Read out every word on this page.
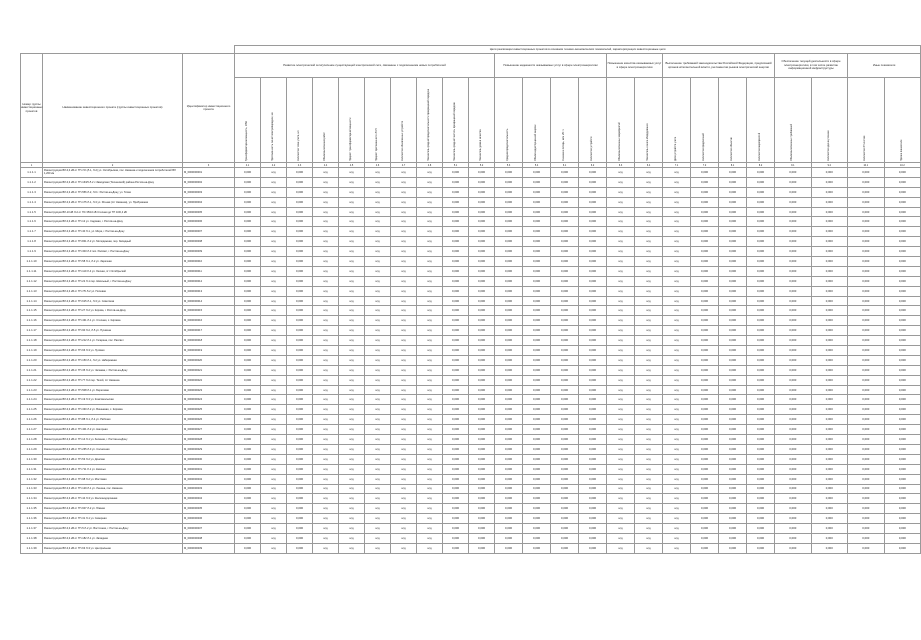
			Цели реализации инвестиционных проектов в основном технико-экономических показателей, характеризующих инвестиционные цели																							
Номер группы инвестиционных проектов	Наименование инвестиционного проекта (группы инвестиционных проектов)	Идентификатор инвестиционного проекта	Развитие электрической сети/усиление существующей электрической сети, связанное с подключением новых потребителей										Повышение надежности оказываемых услуг в сфере электроэнергетики				Повышение качества оказываемых услуг в сфере электроэнергетики		Выполнение требований законодательства Российской Федерации, предписаний органов исполнительной власти, регламентов рынков электрической энергии				Обеспечение текущей деятельности в сфере электроэнергетики, в том числе развитие информационной инфраструктуры		Иные показатели	

			Трансформаторная мощность, МВА	Протяженность линий электропередачи, км	Количество точек учета, шт.	Объём выполнения работ	Прирост трансформаторной мощности	Прирост протяженности ЛЭП	Количество обновленных устройств	Показатель средней продолжительности прекращений передачи	Показатель средней частоты прекращений передачи	Показатель уровня качества	Средняя продолжительность	Объём недоотпущенной энергии	Снижение потерь, млн кВт·ч	Количество устройств	Объём выполненных мероприятий	Показатель износа оборудования	Доля устройств учета	Количество предписаний	Количество объектов	Количество мероприятий	Объём выполненных требований	Количество единиц техники	Количество ИТ-систем	Прочие показатели

1	2	3	4.1	4.2	4.3	4.4	4.5	4.6	4.7	4.8	5.1	5.2	5.3	5.4	6.1	6.2	6.3	6.4	7.1	7.2	8.1	8.2	9.1	9.2	10.1	10.2
1.1.1.1	Реконструкция ВЛ-0,4 кВ от ТП-7/2 (Л-1, Л-2) ул. Октябрьская, пос. Каменка и подключения потребителей ВЛ 1,200 км	M_0000000001	0,000	н/д	0,000	н/д	н/д	н/д	н/д	н/д	0,000	0,000	0,000	0,000	0,000	0,000	н/д	н/д	н/д	0,000	0,000	0,000	0,000	0,000	0,000	0,000
1.1.1.2	Реконструкция ВЛ-0,4 кВ от ТП-16/25 Л-2 с Заводская (Тосненский) района Ростов-на-Дону	M_0000000002	0,000	н/д	0,000	н/д	н/д	н/д	н/д	н/д	0,000	0,000	0,000	0,000	0,000	0,000	н/д	н/д	н/д	0,000	0,000	0,000	0,000	0,000	0,000	0,000
1.1.1.3	Реконструкция ВЛ-0,4 кВ от ТП-556 Л-2, Л-6 г. Ростов-на-Дону, ул. Тихая	M_0000000003	0,000	н/д	0,000	н/д	н/д	н/д	н/д	н/д	0,000	0,000	0,000	0,000	0,000	0,000	н/д	н/д	н/д	0,000	0,000	0,000	0,000	0,000	0,000	0,000
1.1.1.4	Реконструкция ВЛ-0,4 кВ от ТП-175 Л-1, Л-3 ул. Речная (пгт Каменка), ул. Прибрежная	M_0000000004	0,000	н/д	0,000	н/д	н/д	н/д	н/д	н/д	0,000	0,000	0,000	0,000	0,000	0,000	н/д	н/д	н/д	0,000	0,000	0,000	0,000	0,000	0,000	0,000
1.1.1.5	Реконструкция ВЛ-10 кВ Л-2 от ПС 35/10 кВ Степная до ТП 10/0,4 кВ	M_0000000005	0,000	н/д	0,000	н/д	н/д	н/д	н/д	н/д	0,000	0,000	0,000	0,000	0,000	0,000	н/д	н/д	н/д	0,000	0,000	0,000	0,000	0,000	0,000	0,000
1.1.1.6	Реконструкция ВЛ-0,4 кВ от ТП-12 ул. Садовая, г. Ростов-на-Дону	M_0000000006	0,000	н/д	0,000	н/д	н/д	н/д	н/д	н/д	0,000	0,000	0,000	0,000	0,000	0,000	н/д	н/д	н/д	0,000	0,000	0,000	0,000	0,000	0,000	0,000
1.1.1.7	Реконструкция ВЛ-0,4 кВ от ТП-40 Л-1, ул. Мира, г. Ростов-на-Дону	M_0000000007	0,000	н/д	0,000	н/д	н/д	н/д	н/д	н/д	0,000	0,000	0,000	0,000	0,000	0,000	н/д	н/д	н/д	0,000	0,000	0,000	0,000	0,000	0,000	0,000
1.1.1.8	Реконструкция ВЛ-0,4 кВ от ТП-841 Л-2 ул. Молодежная, пер. Западный	M_0000000008	0,000	н/д	0,000	н/д	н/д	н/д	н/д	н/д	0,000	0,000	0,000	0,000	0,000	0,000	н/д	н/д	н/д	0,000	0,000	0,000	0,000	0,000	0,000	0,000
1.1.1.9	Реконструкция ВЛ-0,4 кВ от ТП-303 Л-3 пос. Рассвет, г. Ростов-на-Дону	M_0000000009	0,000	н/д	0,000	н/д	н/д	н/д	н/д	н/д	0,000	0,000	0,000	0,000	0,000	0,000	н/д	н/д	н/д	0,000	0,000	0,000	0,000	0,000	0,000	0,000
1.1.1.10	Реконструкция ВЛ-0,4 кВ от ТП-58 Л-1, Л-2 ул. Заречная	M_0000000010	0,000	н/д	0,000	н/д	н/д	н/д	н/д	н/д	0,000	0,000	0,000	0,000	0,000	0,000	н/д	н/д	н/д	0,000	0,000	0,000	0,000	0,000	0,000	0,000
1.1.1.11	Реконструкция ВЛ-0,4 кВ от ТП-119 Л-4 ул. Лесная, пгт Октябрьский	M_0000000011	0,000	н/д	0,000	н/д	н/д	н/д	н/д	н/д	0,000	0,000	0,000	0,000	0,000	0,000	н/д	н/д	н/д	0,000	0,000	0,000	0,000	0,000	0,000	0,000
1.1.1.12	Реконструкция ВЛ-0,4 кВ от ТП-22 Л-1 пер. Школьный, г. Ростов-на-Дону	M_0000000012	0,000	н/д	0,000	н/д	н/д	н/д	н/д	н/д	0,000	0,000	0,000	0,000	0,000	0,000	н/д	н/д	н/д	0,000	0,000	0,000	0,000	0,000	0,000	0,000
1.1.1.13	Реконструкция ВЛ-0,4 кВ от ТП-7/5 Л-2 ул. Полевая	M_0000000013	0,000	н/д	0,000	н/д	н/д	н/д	н/д	н/д	0,000	0,000	0,000	0,000	0,000	0,000	н/д	н/д	н/д	0,000	0,000	0,000	0,000	0,000	0,000	0,000
1.1.1.14	Реконструкция ВЛ-0,4 кВ от ТП-615 Л-1, Л-3 ул. Советская	M_0000000014	0,000	н/д	0,000	н/д	н/д	н/д	н/д	н/д	0,000	0,000	0,000	0,000	0,000	0,000	н/д	н/д	н/д	0,000	0,000	0,000	0,000	0,000	0,000	0,000
1.1.1.15	Реконструкция ВЛ-0,4 кВ от ТП-27 Л-2 ул. Кирова, г. Ростов-на-Дону	M_0000000015	0,000	н/д	0,000	н/д	н/д	н/д	н/д	н/д	0,000	0,000	0,000	0,000	0,000	0,000	н/д	н/д	н/д	0,000	0,000	0,000	0,000	0,000	0,000	0,000
1.1.1.16	Реконструкция ВЛ-0,4 кВ от ТП-431 Л-1 ул. Степная, с. Кировка	M_0000000016	0,000	н/д	0,000	н/д	н/д	н/д	н/д	н/д	0,000	0,000	0,000	0,000	0,000	0,000	н/д	н/д	н/д	0,000	0,000	0,000	0,000	0,000	0,000	0,000
1.1.1.17	Реконструкция ВЛ-0,4 кВ от ТП-90 Л-2, Л-5 ул. Пушкина	M_0000000017	0,000	н/д	0,000	н/д	н/д	н/д	н/д	н/д	0,000	0,000	0,000	0,000	0,000	0,000	н/д	н/д	н/д	0,000	0,000	0,000	0,000	0,000	0,000	0,000
1.1.1.18	Реконструкция ВЛ-0,4 кВ от ТП-212 Л-1 ул. Гагарина, пос. Рассвет	M_0000000018	0,000	н/д	0,000	н/д	н/д	н/д	н/д	н/д	0,000	0,000	0,000	0,000	0,000	0,000	н/д	н/д	н/д	0,000	0,000	0,000	0,000	0,000	0,000	0,000
1.1.1.19	Реконструкция ВЛ-0,4 кВ от ТП-66 Л-3 ул. Луговая	M_0000000019	0,000	н/д	0,000	н/д	н/д	н/д	н/д	н/д	0,000	0,000	0,000	0,000	0,000	0,000	н/д	н/д	н/д	0,000	0,000	0,000	0,000	0,000	0,000	0,000
1.1.1.20	Реконструкция ВЛ-0,4 кВ от ТП-150 Л-1, Л-2 ул. Набережная	M_0000000020	0,000	н/д	0,000	н/д	н/д	н/д	н/д	н/д	0,000	0,000	0,000	0,000	0,000	0,000	н/д	н/д	н/д	0,000	0,000	0,000	0,000	0,000	0,000	0,000
1.1.1.21	Реконструкция ВЛ-0,4 кВ от ТП-35 Л-4 ул. Чапаева, г. Ростов-на-Дону	M_0000000021	0,000	н/д	0,000	н/д	н/д	н/д	н/д	н/д	0,000	0,000	0,000	0,000	0,000	0,000	н/д	н/д	н/д	0,000	0,000	0,000	0,000	0,000	0,000	0,000
1.1.1.22	Реконструкция ВЛ-0,4 кВ от ТП-77 Л-2 пер. Тихий, пгт Каменка	M_0000000022	0,000	н/д	0,000	н/д	н/д	н/д	н/д	н/д	0,000	0,000	0,000	0,000	0,000	0,000	н/д	н/д	н/д	0,000	0,000	0,000	0,000	0,000	0,000	0,000
1.1.1.23	Реконструкция ВЛ-0,4 кВ от ТП-508 Л-1 ул. Береговая	M_0000000023	0,000	н/д	0,000	н/д	н/д	н/д	н/д	н/д	0,000	0,000	0,000	0,000	0,000	0,000	н/д	н/д	н/д	0,000	0,000	0,000	0,000	0,000	0,000	0,000
1.1.1.24	Реконструкция ВЛ-0,4 кВ от ТП-19 Л-3 ул. Комсомольская	M_0000000024	0,000	н/д	0,000	н/д	н/д	н/д	н/д	н/д	0,000	0,000	0,000	0,000	0,000	0,000	н/д	н/д	н/д	0,000	0,000	0,000	0,000	0,000	0,000	0,000
1.1.1.25	Реконструкция ВЛ-0,4 кВ от ТП-330 Л-2 ул. Вишневая, с. Кировка	M_0000000025	0,000	н/д	0,000	н/д	н/д	н/д	н/д	н/д	0,000	0,000	0,000	0,000	0,000	0,000	н/д	н/д	н/д	0,000	0,000	0,000	0,000	0,000	0,000	0,000
1.1.1.26	Реконструкция ВЛ-0,4 кВ от ТП-88 Л-1, Л-4 ул. Рабочая	M_0000000026	0,000	н/д	0,000	н/д	н/д	н/д	н/д	н/д	0,000	0,000	0,000	0,000	0,000	0,000	н/д	н/д	н/д	0,000	0,000	0,000	0,000	0,000	0,000	0,000
1.1.1.27	Реконструкция ВЛ-0,4 кВ от ТП-401 Л-2 ул. Нагорная	M_0000000027	0,000	н/д	0,000	н/д	н/д	н/д	н/д	н/д	0,000	0,000	0,000	0,000	0,000	0,000	н/д	н/д	н/д	0,000	0,000	0,000	0,000	0,000	0,000	0,000
1.1.1.28	Реконструкция ВЛ-0,4 кВ от ТП-14 Л-1 ул. Зеленая, г. Ростов-на-Дону	M_0000000028	0,000	н/д	0,000	н/д	н/д	н/д	н/д	н/д	0,000	0,000	0,000	0,000	0,000	0,000	н/д	н/д	н/д	0,000	0,000	0,000	0,000	0,000	0,000	0,000
1.1.1.29	Реконструкция ВЛ-0,4 кВ от ТП-265 Л-3 ул. Солнечная	M_0000000029	0,000	н/д	0,000	н/д	н/д	н/д	н/д	н/д	0,000	0,000	0,000	0,000	0,000	0,000	н/д	н/д	н/д	0,000	0,000	0,000	0,000	0,000	0,000	0,000
1.1.1.30	Реконструкция ВЛ-0,4 кВ от ТП-53 Л-2 ул. Донская	M_0000000030	0,000	н/д	0,000	н/д	н/д	н/д	н/д	н/д	0,000	0,000	0,000	0,000	0,000	0,000	н/д	н/д	н/д	0,000	0,000	0,000	0,000	0,000	0,000	0,000
1.1.1.31	Реконструкция ВЛ-0,4 кВ от ТП-711 Л-1 ул. Казачья	M_0000000031	0,000	н/д	0,000	н/д	н/д	н/д	н/д	н/д	0,000	0,000	0,000	0,000	0,000	0,000	н/д	н/д	н/д	0,000	0,000	0,000	0,000	0,000	0,000	0,000
1.1.1.32	Реконструкция ВЛ-0,4 кВ от ТП-98 Л-2 ул. Мостовая	M_0000000032	0,000	н/д	0,000	н/д	н/д	н/д	н/д	н/д	0,000	0,000	0,000	0,000	0,000	0,000	н/д	н/д	н/д	0,000	0,000	0,000	0,000	0,000	0,000	0,000
1.1.1.33	Реконструкция ВЛ-0,4 кВ от ТП-129 Л-1 ул. Ленина, пос. Каменка	M_0000000033	0,000	н/д	0,000	н/д	н/д	н/д	н/д	н/д	0,000	0,000	0,000	0,000	0,000	0,000	н/д	н/д	н/д	0,000	0,000	0,000	0,000	0,000	0,000	0,000
1.1.1.34	Реконструкция ВЛ-0,4 кВ от ТП-44 Л-3 ул. Железнодорожная	M_0000000034	0,000	н/д	0,000	н/д	н/д	н/д	н/д	н/д	0,000	0,000	0,000	0,000	0,000	0,000	н/д	н/д	н/д	0,000	0,000	0,000	0,000	0,000	0,000	0,000
1.1.1.35	Реконструкция ВЛ-0,4 кВ от ТП-607 Л-2 ул. Южная	M_0000000035	0,000	н/д	0,000	н/д	н/д	н/д	н/д	н/д	0,000	0,000	0,000	0,000	0,000	0,000	н/д	н/д	н/д	0,000	0,000	0,000	0,000	0,000	0,000	0,000
1.1.1.36	Реконструкция ВЛ-0,4 кВ от ТП-31 Л-1 ул. Северная	M_0000000036	0,000	н/д	0,000	н/д	н/д	н/д	н/д	н/д	0,000	0,000	0,000	0,000	0,000	0,000	н/д	н/д	н/д	0,000	0,000	0,000	0,000	0,000	0,000	0,000
1.1.1.37	Реконструкция ВЛ-0,4 кВ от ТП-5 Л-2 ул. Восточная, г. Ростов-на-Дону	M_0000000037	0,000	н/д	0,000	н/д	н/д	н/д	н/д	н/д	0,000	0,000	0,000	0,000	0,000	0,000	н/д	н/д	н/д	0,000	0,000	0,000	0,000	0,000	0,000	0,000
1.1.1.38	Реконструкция ВЛ-0,4 кВ от ТП-182 Л-1 ул. Западная	M_0000000038	0,000	н/д	0,000	н/д	н/д	н/д	н/д	н/д	0,000	0,000	0,000	0,000	0,000	0,000	н/д	н/д	н/д	0,000	0,000	0,000	0,000	0,000	0,000	0,000
1.1.1.39	Реконструкция ВЛ-0,4 кВ от ТП-63 Л-3 ул. Центральная	M_0000000039	0,000	н/д	0,000	н/д	н/д	н/д	н/д	н/д	0,000	0,000	0,000	0,000	0,000	0,000	н/д	н/д	н/д	0,000	0,000	0,000	0,000	0,000	0,000	0,000
